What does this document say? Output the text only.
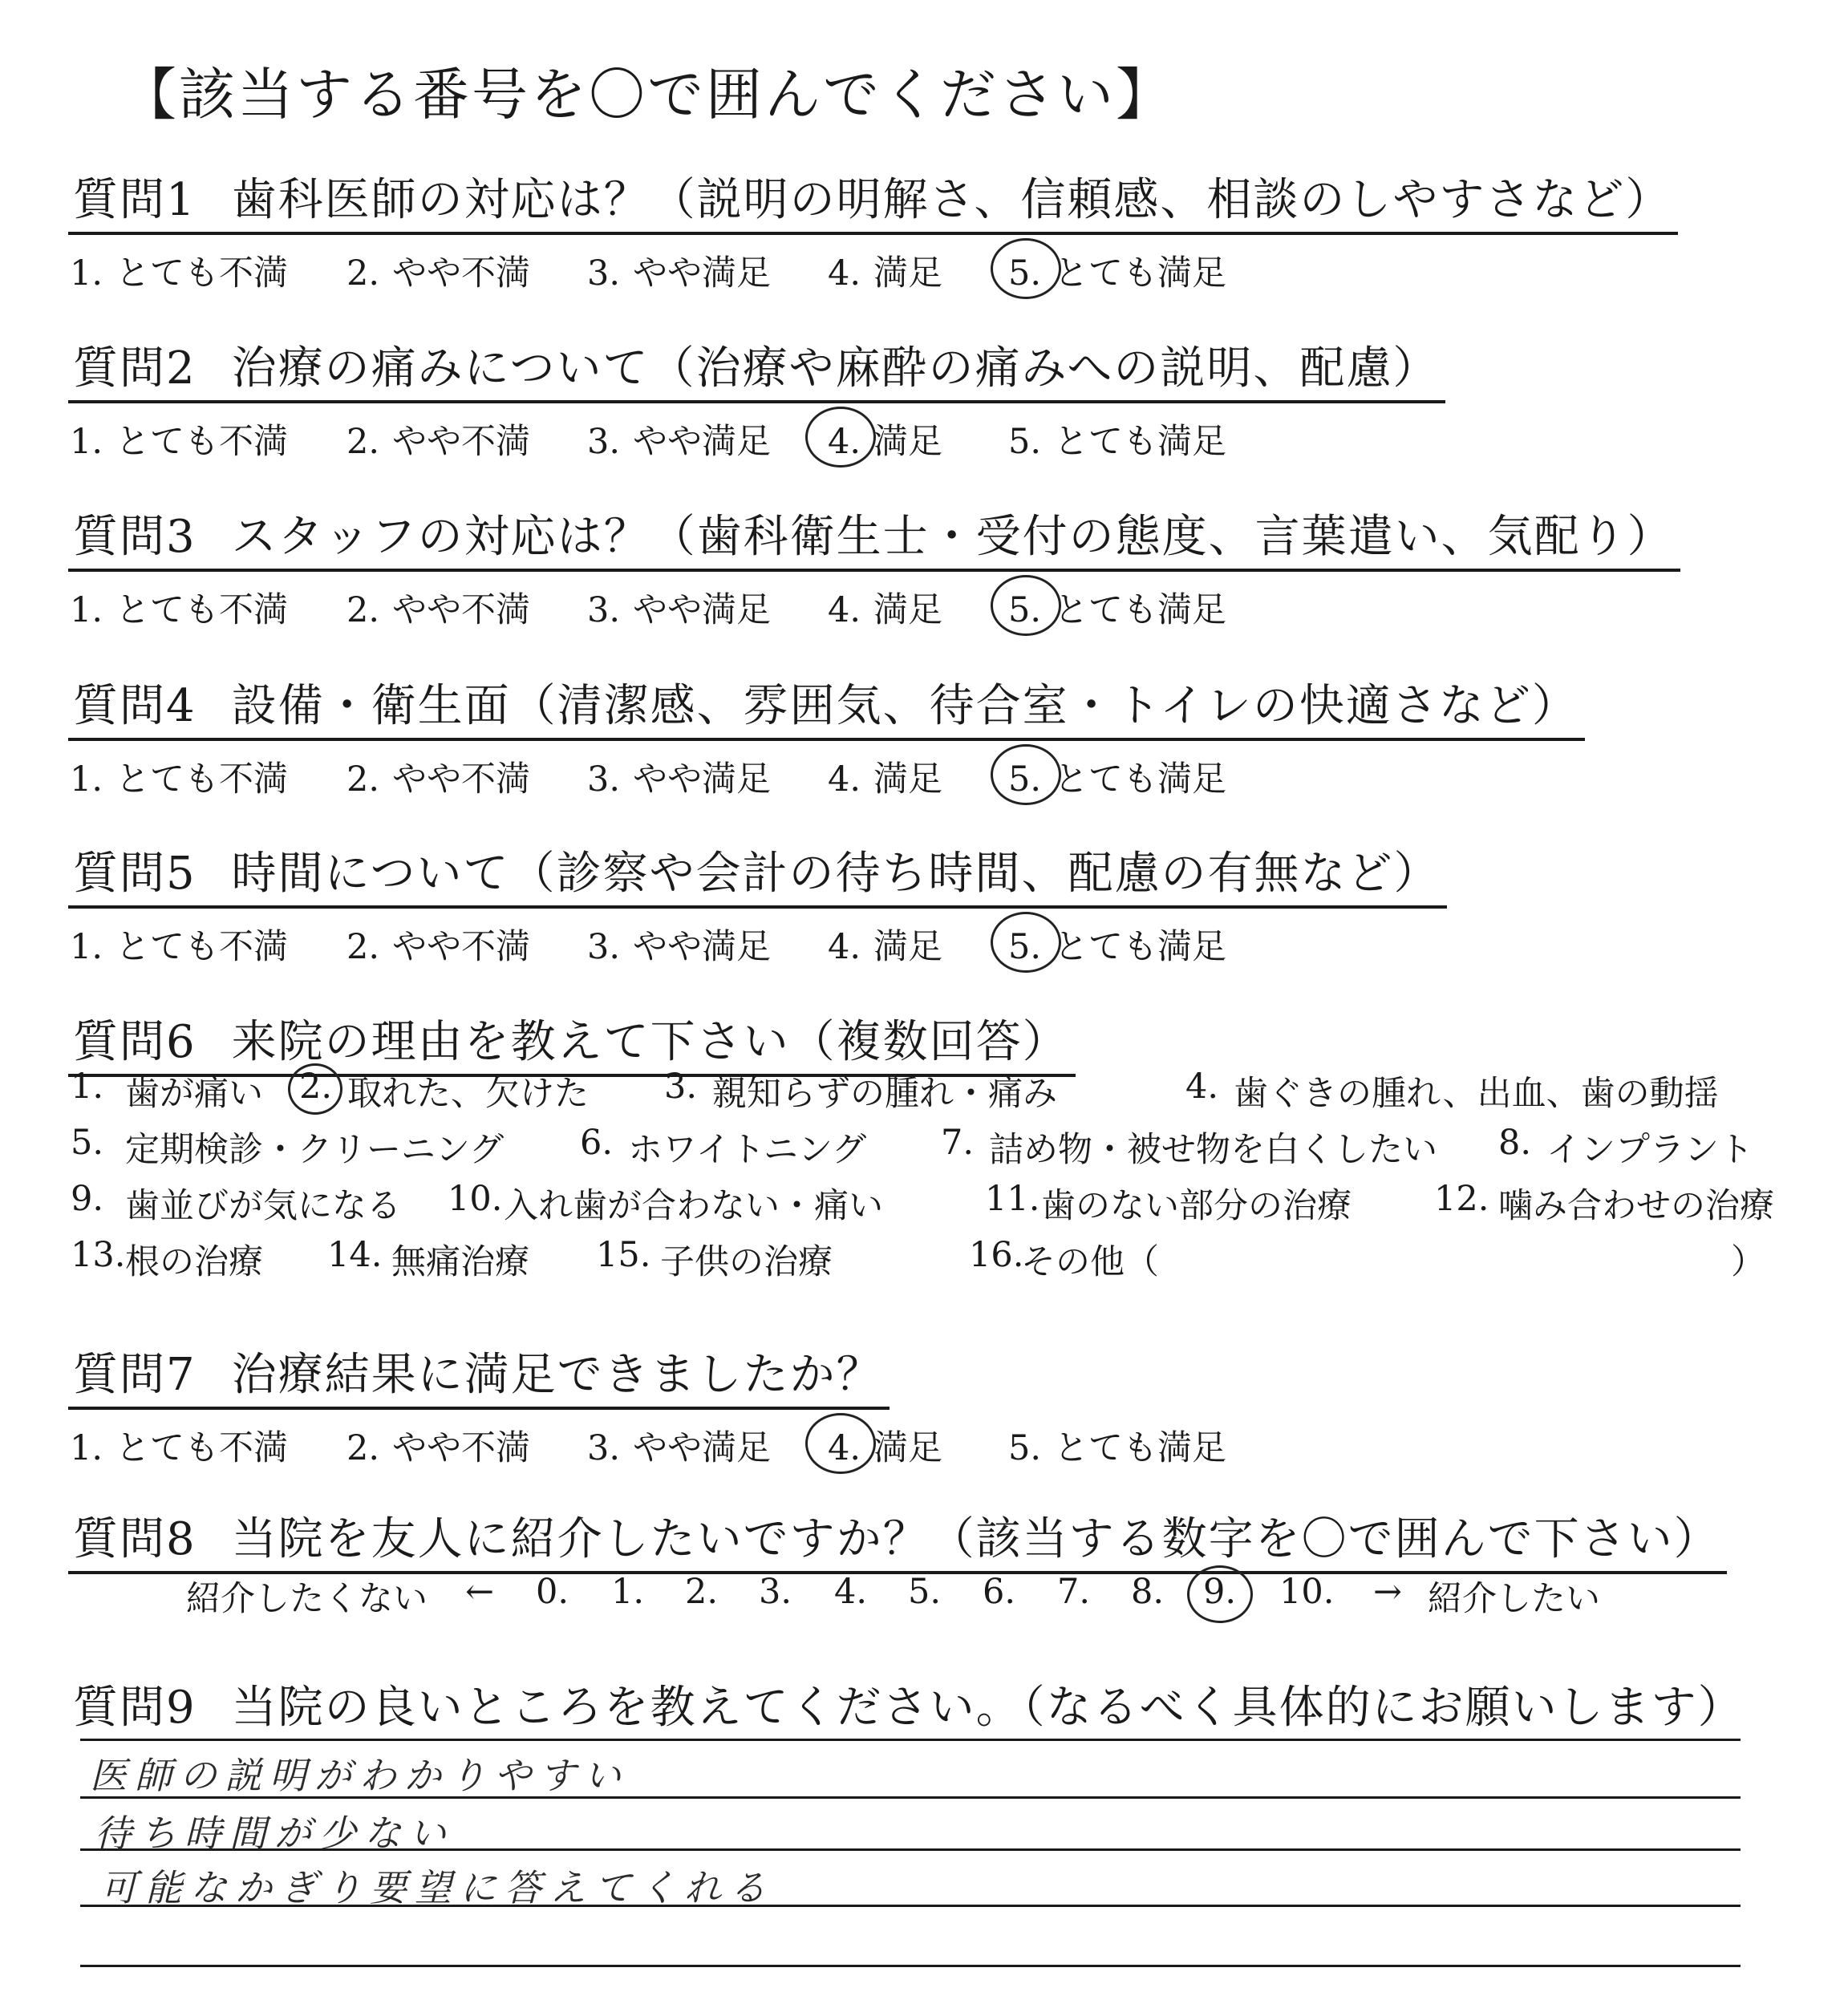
【該当する番号を〇で囲んでください】
質問1 歯科医師の対応は？（説明の明解さ、信頼感、相談のしやすさなど）
1. とても不満 2. やや不満 3. やや満足 4. 満足 5. とても満足
質問2 治療の痛みについて（治療や麻酔の痛みへの説明、配慮）
1. とても不満 2. やや不満 3. やや満足 4. 満足 5. とても満足
質問3 スタッフの対応は？（歯科衛生士・受付の態度、言葉遣い、気配り）
1. とても不満 2. やや不満 3. やや満足 4. 満足 5. とても満足
質問4 設備・衛生面（清潔感、雰囲気、待合室・トイレの快適さなど）
1. とても不満 2. やや不満 3. やや満足 4. 満足 5. とても満足
質問5 時間について（診察や会計の待ち時間、配慮の有無など）
1. とても不満 2. やや不満 3. やや満足 4. 満足 5. とても満足
質問6 来院の理由を教えて下さい（複数回答）
1. 歯が痛い 2. 取れた、欠けた 3. 親知らずの腫れ・痛み	4. 歯ぐきの腫れ、出血、歯の動揺
5. 定期検診・クリーニング 6. ホワイトニング 7. 詰め物・被せ物を白くしたい 8. インプラント
9. 歯並びが気になる 10. 入れ歯が合わない・痛い	11. 歯のない部分の治療 12. 噛み合わせの治療
13. 根の治療 14. 無痛治療 15. 子供の治療	16.
その他（	）
質問7 治療結果に満足できましたか？
1. とても不満 2. やや不満 3. やや満足 4. 満足 5. とても満足
質問8 当院を友人に紹介したいですか？（該当する数字を〇で囲んで下さい）
紹介したくない ← 0. 1. 2. 3. 4. 5. 6. 7. 8. 9. 10. → 紹介したい
質問9 当院の良いところを教えてください。（なるべく具体的にお願いします）
医師の説明がわかりやすい
待ち時間が少ない
可能なかぎり要望に答えてくれる
